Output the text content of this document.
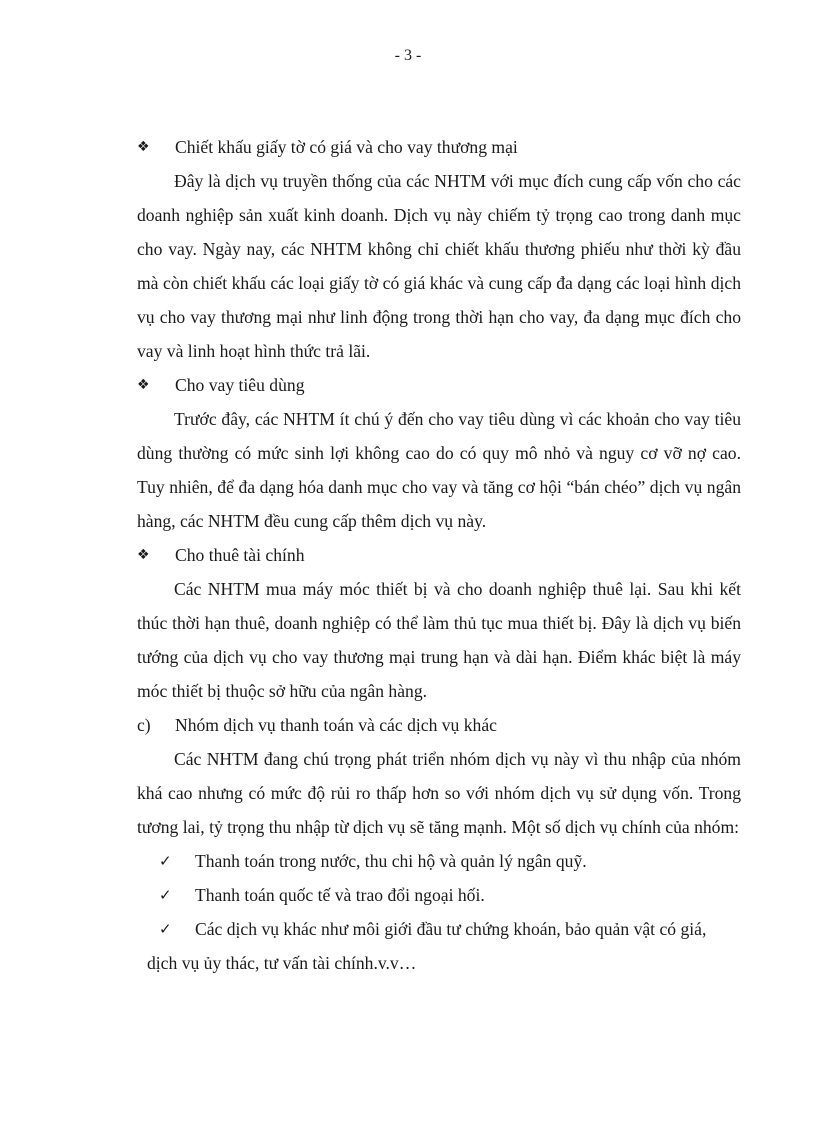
- 3 -
❖ Chiết khấu giấy tờ có giá và cho vay thương mại

Đây là dịch vụ truyền thống của các NHTM với mục đích cung cấp vốn cho các doanh nghiệp sản xuất kinh doanh. Dịch vụ này chiếm tỷ trọng cao trong danh mục cho vay. Ngày nay, các NHTM không chỉ chiết khấu thương phiếu như thời kỳ đầu mà còn chiết khấu các loại giấy tờ có giá khác và cung cấp đa dạng các loại hình dịch vụ cho vay thương mại như linh động trong thời hạn cho vay, đa dạng mục đích cho vay và linh hoạt hình thức trả lãi.

❖ Cho vay tiêu dùng

Trước đây, các NHTM ít chú ý đến cho vay tiêu dùng vì các khoản cho vay tiêu dùng thường có mức sinh lợi không cao do có quy mô nhỏ và nguy cơ vỡ nợ cao. Tuy nhiên, để đa dạng hóa danh mục cho vay và tăng cơ hội “bán chéo” dịch vụ ngân hàng, các NHTM đều cung cấp thêm dịch vụ này.

❖ Cho thuê tài chính

Các NHTM mua máy móc thiết bị và cho doanh nghiệp thuê lại. Sau khi kết thúc thời hạn thuê, doanh nghiệp có thể làm thủ tục mua thiết bị. Đây là dịch vụ biến tướng của dịch vụ cho vay thương mại trung hạn và dài hạn. Điểm khác biệt là máy móc thiết bị thuộc sở hữu của ngân hàng.

c) Nhóm dịch vụ thanh toán và các dịch vụ khác

Các NHTM đang chú trọng phát triển nhóm dịch vụ này vì thu nhập của nhóm khá cao nhưng có mức độ rủi ro thấp hơn so với nhóm dịch vụ sử dụng vốn. Trong tương lai, tỷ trọng thu nhập từ dịch vụ sẽ tăng mạnh. Một số dịch vụ chính của nhóm:

✓ Thanh toán trong nước, thu chi hộ và quản lý ngân quỹ.
✓ Thanh toán quốc tế và trao đổi ngoại hối.
✓ Các dịch vụ khác như môi giới đầu tư chứng khoán, bảo quản vật có giá,
dịch vụ ủy thác, tư vấn tài chính.v.v…
